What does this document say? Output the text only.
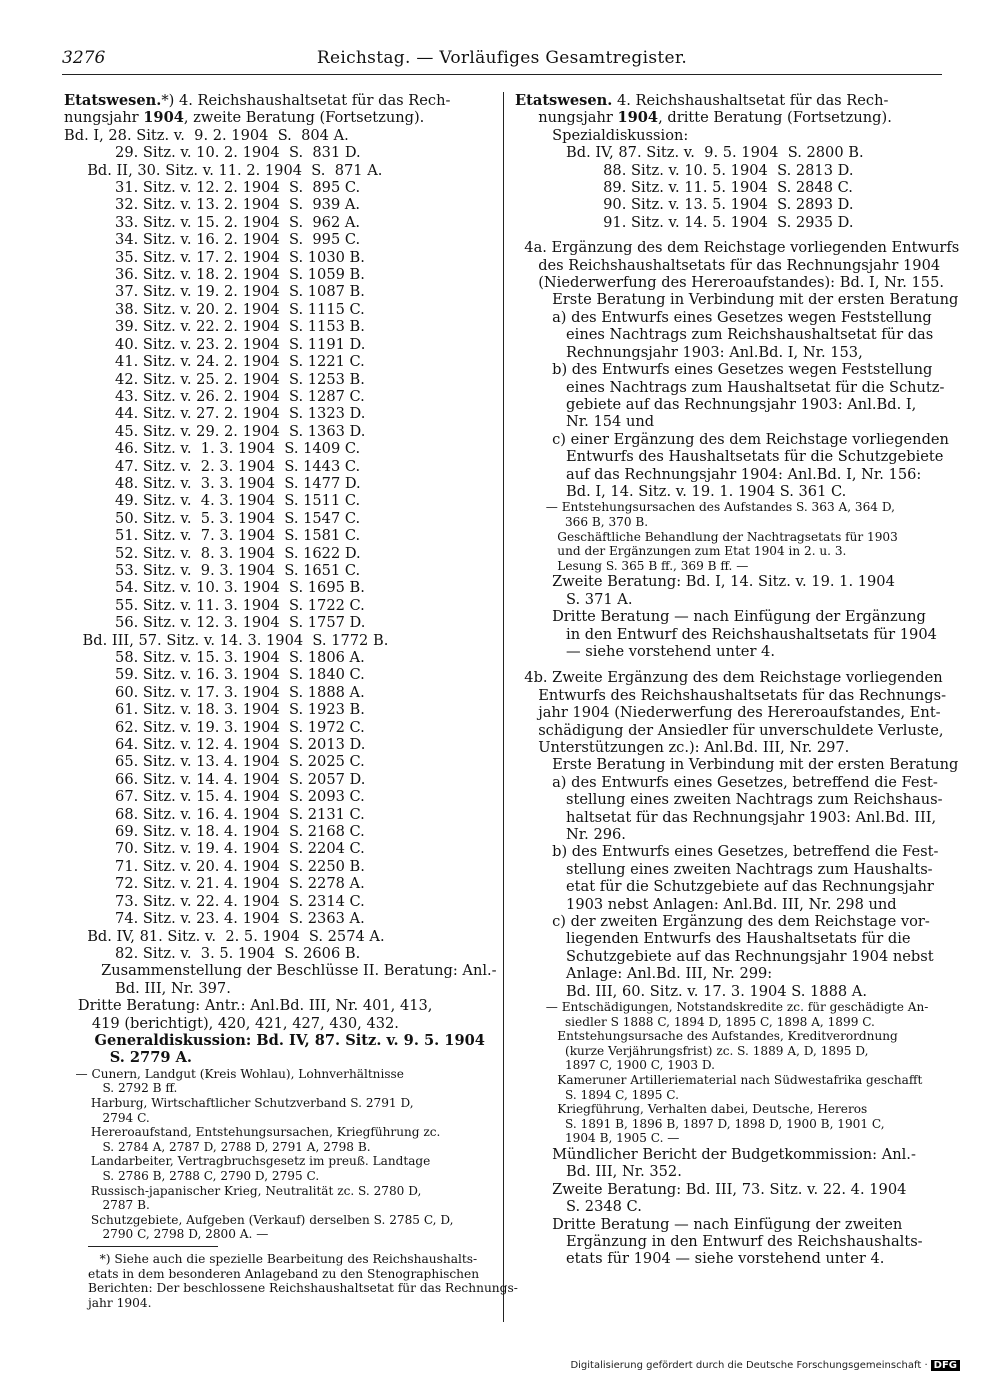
3276	Reichstag. — Vorläufiges Gesamtregister.
Etatswesen.*) 4. Reichshaushaltsetat für das Rech-
nungsjahr 1904, zweite Beratung (Fortsetzung).
Bd. I, 28. Sitz. v.  9. 2. 1904  S.  804 A.
29. Sitz. v. 10. 2. 1904  S.  831 D.
Bd. II, 30. Sitz. v. 11. 2. 1904  S.  871 A.
31. Sitz. v. 12. 2. 1904  S.  895 C.
32. Sitz. v. 13. 2. 1904  S.  939 A.
33. Sitz. v. 15. 2. 1904  S.  962 A.
34. Sitz. v. 16. 2. 1904  S.  995 C.
35. Sitz. v. 17. 2. 1904  S. 1030 B.
36. Sitz. v. 18. 2. 1904  S. 1059 B.
37. Sitz. v. 19. 2. 1904  S. 1087 B.
38. Sitz. v. 20. 2. 1904  S. 1115 C.
39. Sitz. v. 22. 2. 1904  S. 1153 B.
40. Sitz. v. 23. 2. 1904  S. 1191 D.
41. Sitz. v. 24. 2. 1904  S. 1221 C.
42. Sitz. v. 25. 2. 1904  S. 1253 B.
43. Sitz. v. 26. 2. 1904  S. 1287 C.
44. Sitz. v. 27. 2. 1904  S. 1323 D.
45. Sitz. v. 29. 2. 1904  S. 1363 D.
46. Sitz. v.  1. 3. 1904  S. 1409 C.
47. Sitz. v.  2. 3. 1904  S. 1443 C.
48. Sitz. v.  3. 3. 1904  S. 1477 D.
49. Sitz. v.  4. 3. 1904  S. 1511 C.
50. Sitz. v.  5. 3. 1904  S. 1547 C.
51. Sitz. v.  7. 3. 1904  S. 1581 C.
52. Sitz. v.  8. 3. 1904  S. 1622 D.
53. Sitz. v.  9. 3. 1904  S. 1651 C.
54. Sitz. v. 10. 3. 1904  S. 1695 B.
55. Sitz. v. 11. 3. 1904  S. 1722 C.
56. Sitz. v. 12. 3. 1904  S. 1757 D.
Bd. III, 57. Sitz. v. 14. 3. 1904  S. 1772 B.
58. Sitz. v. 15. 3. 1904  S. 1806 A.
59. Sitz. v. 16. 3. 1904  S. 1840 C.
60. Sitz. v. 17. 3. 1904  S. 1888 A.
61. Sitz. v. 18. 3. 1904  S. 1923 B.
62. Sitz. v. 19. 3. 1904  S. 1972 C.
64. Sitz. v. 12. 4. 1904  S. 2013 D.
65. Sitz. v. 13. 4. 1904  S. 2025 C.
66. Sitz. v. 14. 4. 1904  S. 2057 D.
67. Sitz. v. 15. 4. 1904  S. 2093 C.
68. Sitz. v. 16. 4. 1904  S. 2131 C.
69. Sitz. v. 18. 4. 1904  S. 2168 C.
70. Sitz. v. 19. 4. 1904  S. 2204 C.
71. Sitz. v. 20. 4. 1904  S. 2250 B.
72. Sitz. v. 21. 4. 1904  S. 2278 A.
73. Sitz. v. 22. 4. 1904  S. 2314 C.
74. Sitz. v. 23. 4. 1904  S. 2363 A.
Bd. IV, 81. Sitz. v.  2. 5. 1904  S. 2574 A.
82. Sitz. v.  3. 5. 1904  S. 2606 B.
Zusammenstellung der Beschlüsse II. Beratung: Anl.-
Bd. III, Nr. 397.
Dritte Beratung: Antr.: Anl.Bd. III, Nr. 401, 413,
419 (berichtigt), 420, 421, 427, 430, 432.
Generaldiskussion: Bd. IV, 87. Sitz. v. 9. 5. 1904
S. 2779 A.
— Cunern, Landgut (Kreis Wohlau), Lohnverhältnisse
S. 2792 B ff.
Harburg, Wirtschaftlicher Schutzverband S. 2791 D,
2794 C.
Hereroaufstand, Entstehungsursachen, Kriegführung zc.
S. 2784 A, 2787 D, 2788 D, 2791 A, 2798 B.
Landarbeiter, Vertragbruchsgesetz im preuß. Landtage
S. 2786 B, 2788 C, 2790 D, 2795 C.
Russisch-japanischer Krieg, Neutralität zc. S. 2780 D,
2787 B.
Schutzgebiete, Aufgeben (Verkauf) derselben S. 2785 C, D,
2790 C, 2798 D, 2800 A. —
*) Siehe auch die spezielle Bearbeitung des Reichshaushalts-
etats in dem besonderen Anlageband zu den Stenographischen
Berichten: Der beschlossene Reichshaushaltsetat für das Rechnungs-
jahr 1904.
Etatswesen. 4. Reichshaushaltsetat für das Rech-
nungsjahr 1904, dritte Beratung (Fortsetzung).
Spezialdiskussion:
Bd. IV, 87. Sitz. v.  9. 5. 1904  S. 2800 B.
88. Sitz. v. 10. 5. 1904  S. 2813 D.
89. Sitz. v. 11. 5. 1904  S. 2848 C.
90. Sitz. v. 13. 5. 1904  S. 2893 D.
91. Sitz. v. 14. 5. 1904  S. 2935 D.
4a. Ergänzung des dem Reichstage vorliegenden Entwurfs
des Reichshaushaltsetats für das Rechnungsjahr 1904
(Niederwerfung des Hereroaufstandes): Bd. I, Nr. 155.
Erste Beratung in Verbindung mit der ersten Beratung
a) des Entwurfs eines Gesetzes wegen Feststellung
eines Nachtrags zum Reichshaushaltsetat für das
Rechnungsjahr 1903: Anl.Bd. I, Nr. 153,
b) des Entwurfs eines Gesetzes wegen Feststellung
eines Nachtrags zum Haushaltsetat für die Schutz-
gebiete auf das Rechnungsjahr 1903: Anl.Bd. I,
Nr. 154 und
c) einer Ergänzung des dem Reichstage vorliegenden
Entwurfs des Haushaltsetats für die Schutzgebiete
auf das Rechnungsjahr 1904: Anl.Bd. I, Nr. 156:
Bd. I, 14. Sitz. v. 19. 1. 1904 S. 361 C.
— Entstehungsursachen des Aufstandes S. 363 A, 364 D,
366 B, 370 B.
Geschäftliche Behandlung der Nachtragsetats für 1903
und der Ergänzungen zum Etat 1904 in 2. u. 3.
Lesung S. 365 B ff., 369 B ff. —
Zweite Beratung: Bd. I, 14. Sitz. v. 19. 1. 1904
S. 371 A.
Dritte Beratung — nach Einfügung der Ergänzung
in den Entwurf des Reichshaushaltsetats für 1904
— siehe vorstehend unter 4.
4b. Zweite Ergänzung des dem Reichstage vorliegenden
Entwurfs des Reichshaushaltsetats für das Rechnungs-
jahr 1904 (Niederwerfung des Hereroaufstandes, Ent-
schädigung der Ansiedler für unverschuldete Verluste,
Unterstützungen zc.): Anl.Bd. III, Nr. 297.
Erste Beratung in Verbindung mit der ersten Beratung
a) des Entwurfs eines Gesetzes, betreffend die Fest-
stellung eines zweiten Nachtrags zum Reichshaus-
haltsetat für das Rechnungsjahr 1903: Anl.Bd. III,
Nr. 296.
b) des Entwurfs eines Gesetzes, betreffend die Fest-
stellung eines zweiten Nachtrags zum Haushalts-
etat für die Schutzgebiete auf das Rechnungsjahr
1903 nebst Anlagen: Anl.Bd. III, Nr. 298 und
c) der zweiten Ergänzung des dem Reichstage vor-
liegenden Entwurfs des Haushaltsetats für die
Schutzgebiete auf das Rechnungsjahr 1904 nebst
Anlage: Anl.Bd. III, Nr. 299:
Bd. III, 60. Sitz. v. 17. 3. 1904 S. 1888 A.
— Entschädigungen, Notstandskredite zc. für geschädigte An-
siedler S 1888 C, 1894 D, 1895 C, 1898 A, 1899 C.
Entstehungsursache des Aufstandes, Kreditverordnung
(kurze Verjährungsfrist) zc. S. 1889 A, D, 1895 D,
1897 C, 1900 C, 1903 D.
Kameruner Artilleriematerial nach Südwestafrika geschafft
S. 1894 C, 1895 C.
Kriegführung, Verhalten dabei, Deutsche, Hereros
S. 1891 B, 1896 B, 1897 D, 1898 D, 1900 B, 1901 C,
1904 B, 1905 C. —
Mündlicher Bericht der Budgetkommission: Anl.-
Bd. III, Nr. 352.
Zweite Beratung: Bd. III, 73. Sitz. v. 22. 4. 1904
S. 2348 C.
Dritte Beratung — nach Einfügung der zweiten
Ergänzung in den Entwurf des Reichshaushalts-
etats für 1904 — siehe vorstehend unter 4.
Digitalisierung gefördert durch die Deutsche Forschungsgemeinschaft · DFG
